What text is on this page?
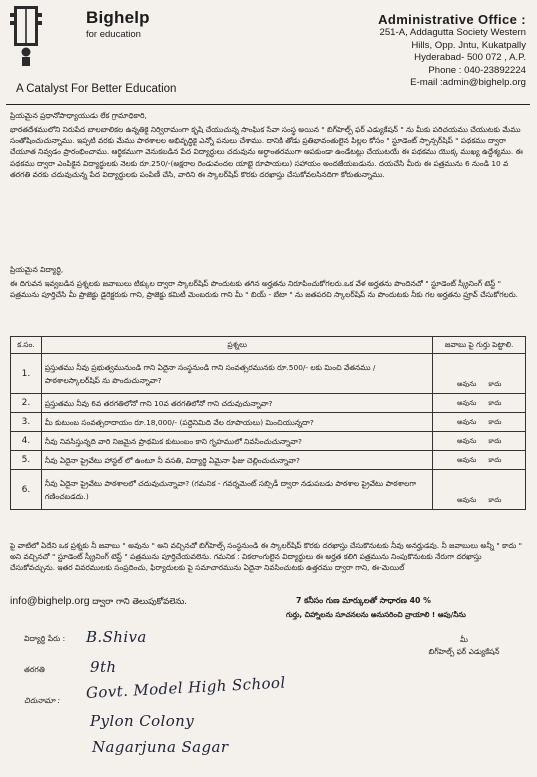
Bighelp
for education
A Catalyst For Better Education
Administrative Office :
251-A, Addagutta Society Western
Hills, Opp. Jntu, Kukatpally
Hyderabad- 500 072 , A.P.
Phone : 040-23892224
E-mail :admin@bighelp.org
ప్రియమైన ప్రధానోపాధ్యాయుడు లేక గ్రామాధికారి,
భారతదేశములోని నిరుపేద బాలబాలికల ఉన్నతికై నిర్విరామంగా కృషి చేయుచున్న సాంఘిక సేవా సంస్థ అయిన " బిగ్‌హెల్ప్ ఫర్ ఎడ్యుకేషన్ " ను మీకు పరిచయము చేయుటకు మేము సంతోషించుచున్నాము. ఇప్పటి వరకు మేము పాఠశాలల అభివృద్ధికై ఎన్నో పనులు చేశాము. దానికి తోడు ప్రతిభావంతులైన పిల్లల కోసం " స్టూడెంట్ స్పాన్సర్‌షిప్ " పథకము ద్వారా చేయూత నివ్వడం ప్రారంభించాము. ఆర్థికముగా వెనుకబడిన పేద విద్యార్థులు చదువును అర్ధాంతరముగా ఆపకుండా ఉండేటట్లు చేయుటయే ఈ పథకము యొక్క ముఖ్య ఉద్దేశ్యము. ఈ పథకము ద్వారా ఎంపికైన విద్యార్థులకు నెలకు రూ.250/-(అక్షరాల రెండువందల యాభై రూపాయలు) సహాయం అందజేయబడును. దయచేసి మీరు ఈ పత్రమును 6 నుండి 10 వ తరగతి వరకు చదువుచున్న పేద విద్యార్థులకు పంపిణీ చేసి, వారిని ఈ స్కాలర్‌షిప్ కొరకు దరఖాస్తు చేసుకోవలసినదిగా కోరుతున్నాము.
ప్రియమైన విద్యార్థి,
ఈ దిగువన ఇవ్వబడిన ప్రశ్నలకు జవాబులు టిక్కుల ద్వారా స్కాలర్‌షిప్ పొందుటకు తగిన అర్హతను నిరూపించుకోగలరు.ఒక వేళ అర్హతను పొందినచో " స్టూడెంట్ స్క్రీనింగ్ టెస్ట్ " పత్రమును పూర్తిచేసి మీ ప్రాజెక్టు డైరెక్టరుకు గాని, ప్రాజెక్టు కమిటీ మెంబరుకు గాని మీ " బియ్ - బేటా " ను జతపరచి స్కాలర్‌షిప్ ను పొందుటకు నీకు గల అర్హతను ప్రూవ్ చేసుకోగలరు.
క.సం.	ప్రశ్నలు	జవాబు పై గుర్తు పెట్టాలి.
1.	ప్రస్తుతము నీవు ప్రభుత్వమునుండి గాని ఏదైనా సంస్థనుండి గాని సంవత్సరమునకు రూ.500/- లకు మించి వేతనము / పాఠశాలస్కాలర్‌షిప్ ను పొందుచున్నావా?	అవును కాదు
2.	ప్రస్తుతము నీవు 6వ తరగతిలోనో గాని 10వ తరగతిలోనో గాని చదువుచున్నావా?	అవును కాదు
3.	మీ కుటుంబ సంవత్సరాదాయం రూ.18,000/- (పద్దెనిమిది వేల రూపాయలు) మించియున్నదా?	అవును కాదు
4.	నీవు నివసిస్తున్నది వారి నిజమైన ప్రాథమిక కుటుంబం కాని గృహములో నివసించుచున్నావా?	అవును కాదు
5.	నీవు ఏదైనా ప్రైవేటు హాస్టల్ లో ఉంటూ నీ వసతి, విద్యార్థి ఏమైనా ఫీజు చెల్లించుచున్నావా?	అవును కాదు
6.	నీవు ఏదైనా ప్రైవేటు పాఠశాలలో చదువుచున్నావా? (గమనిక - గవర్నమెంట్ సబ్సిడీ ద్వారా నడుపబడు పాఠశాల ప్రైవేటు పాఠశాలగా గణించబడదు.)	అవును కాదు
పై వాటిలో ఏదేని ఒక ప్రశ్నకు నీ జవాబు " అవును " అని వచ్చినచో బిగ్‌హెల్ప్ సంస్థనుండి ఈ స్కాలర్‌షిప్ కొరకు దరఖాస్తు చేసుకొనుటకు నీవు అనర్హుడవు. నీ జవాబులు అన్నీ " కాదు " అని వచ్చినచో " స్టూడెంట్ స్క్రీనింగ్ టెస్ట్ " పత్రమును పూర్తిచేయవలెను. గమనిక : వికలాంగులైన విద్యార్థులు ఈ అర్హత కలిగి పత్రమును నింపుకొనుటకు నేరుగా దరఖాస్తు చేసుకోవచ్చును. ఇతర వివరములకు సంప్రదించు, ఫిర్యాదులకు పై సమాచారమును ఏదైనా నివసించుటకు ఉత్తరము ద్వారా గాని, ఈ-మెయిల్
info@bighelp.org ద్వారా గాని తెలుపుకోవలెను.	7 కనీసం గుణ మార్కులతో సాధారణ 40 %
గుర్తు, చిహ్నాలను సూచనలను అనుసరించి వ్రాయాలి ! ఆపు/నీను
మీ
బిగ్‌హెల్ప్ ఫర్ ఎడ్యుకేషన్
విద్యార్థి పేరు : B.Shiva
తరగతి	9th
చిరునామా : Govt. Model High School
Pylon Colony
Nagarjuna Sagar
